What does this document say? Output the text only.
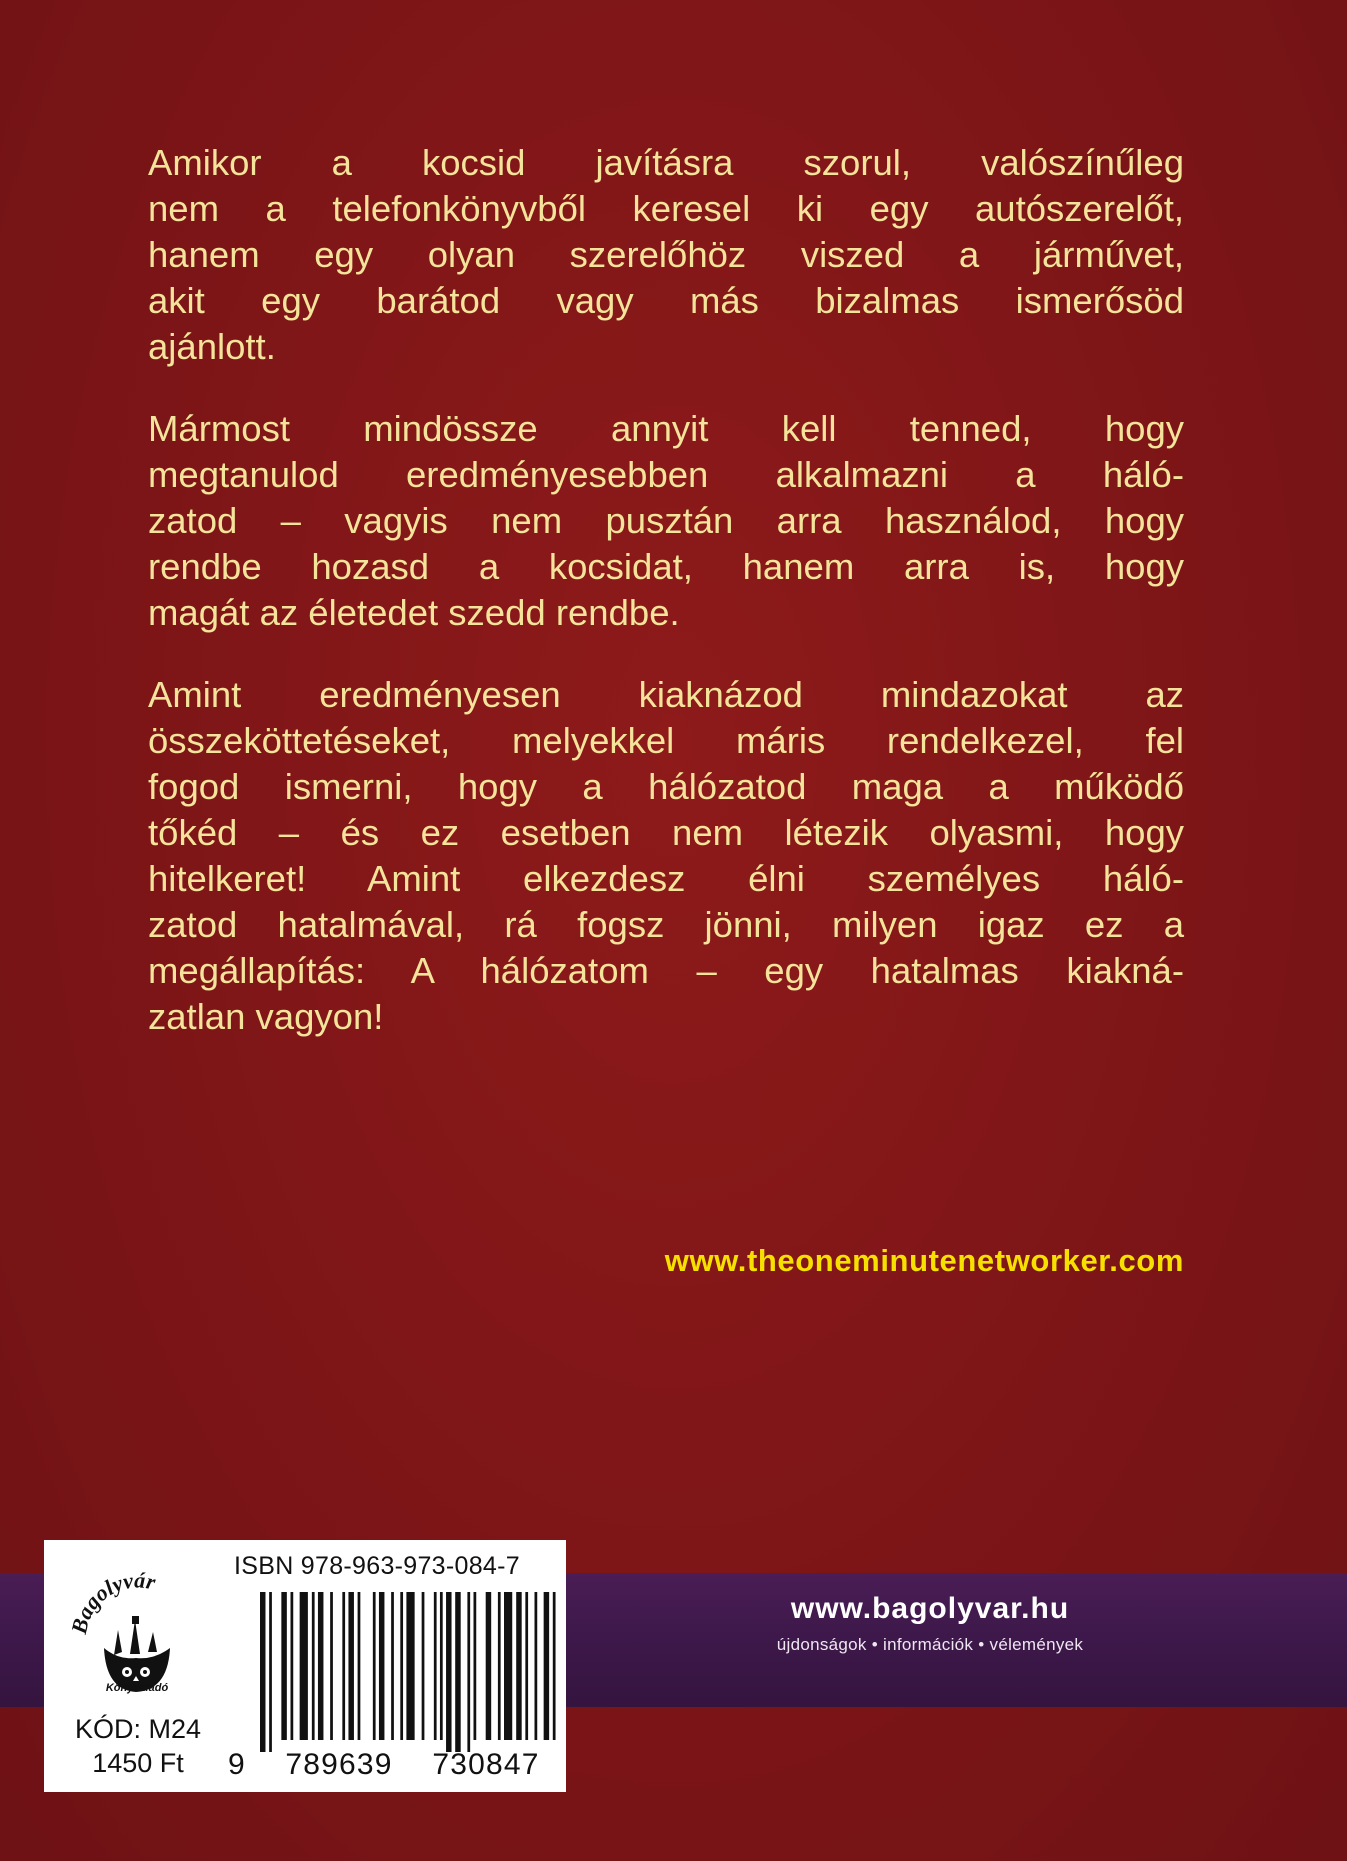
Amikor a kocsid javításra szorul, valószínűleg
nem a telefonkönyvből keresel ki egy autószerelőt,
hanem egy olyan szerelőhöz viszed a járművet,
akit egy barátod vagy más bizalmas ismerősöd
ajánlott.
Mármost mindössze annyit kell tenned, hogy
megtanulod eredményesebben alkalmazni a háló-
zatod – vagyis nem pusztán arra használod, hogy
rendbe hozasd a kocsidat, hanem arra is, hogy
magát az életedet szedd rendbe.
Amint eredményesen kiaknázod mindazokat az
összeköttetéseket, melyekkel máris rendelkezel, fel
fogod ismerni, hogy a hálózatod maga a működő
tőkéd – és ez esetben nem létezik olyasmi, hogy
hitelkeret! Amint elkezdesz élni személyes háló-
zatod hatalmával, rá fogsz jönni, milyen igaz ez a
megállapítás: A hálózatom – egy hatalmas kiakná-
zatlan vagyon!
www.theoneminutenetworker.com
www.bagolyvar.hu
újdonságok • információk • vélemények
Bagolyvár
Könyvkiadó
KÓD: M24
1450 Ft
ISBN 978-963-973-084-7
9 789639 730847
